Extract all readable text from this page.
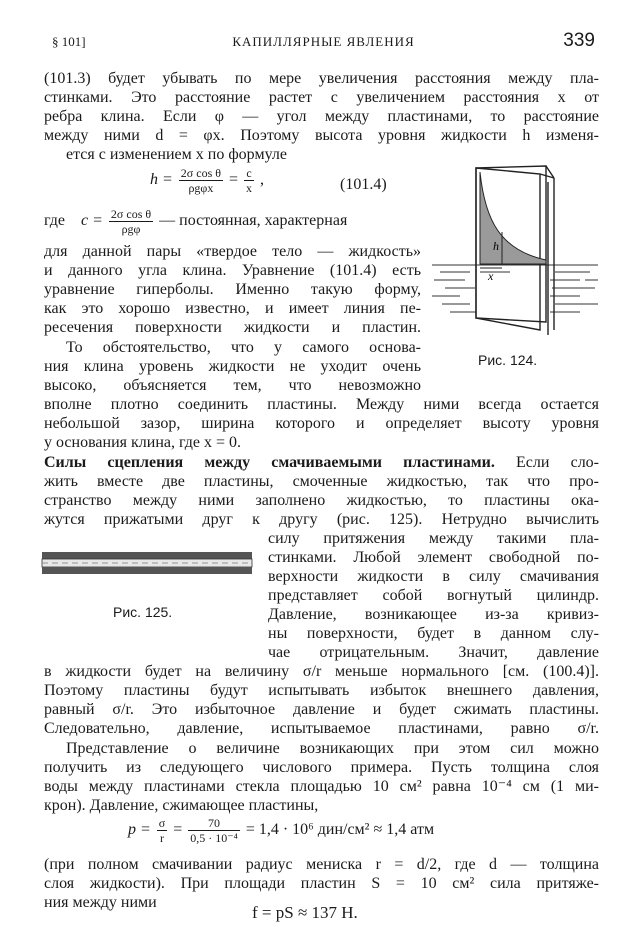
§ 101]	КАПИЛЛЯРНЫЕ ЯВЛЕНИЯ	339
(101.3) будет убывать по мере увеличения расстояния между пла-
стинками. Это расстояние растет с увеличением расстояния x от
ребра клина. Если φ — угол между пластинами, то расстояние
между ними d = φx. Поэтому высота уровня жидкости h изменя-
ется с изменением x по формуле
$h = \frac{\text{2σ cos θ}}{\text{ρgφx}} = \frac{c}{x}$ ,	(101.4)
где $c = \frac{\text{2σ cos θ}}{\text{ρgφ}}$ — постоянная, характерная
для данной пары «твердое тело — жидкость»
и данного угла клина. Уравнение (101.4) есть
уравнение гиперболы. Именно такую форму,
как это хорошо известно, и имеет линия пе-
ресечения поверхности жидкости и пластин.
То обстоятельство, что у самого основа-
ния клина уровень жидкости не уходит очень
высоко, объясняется тем, что невозможно
вполне плотно соединить пластины. Между ними всегда остается
небольшой зазор, ширина которого и определяет высоту уровня
у основания клина, где x = 0.
h
x
Рис. 124.
Силы сцепления между смачиваемыми пластинами. Если сло-
жить вместе две пластины, смоченные жидкостью, так что про-
странство между ними заполнено жидкостью, то пластины ока-
жутся прижатыми друг к другу (рис. 125). Нетрудно вычислить
Рис. 125.
силу притяжения между такими пла-
стинками. Любой элемент свободной по-
верхности жидкости в силу смачивания
представляет собой вогнутый цилиндр.
Давление, возникающее из-за кривиз-
ны поверхности, будет в данном слу-
чае отрицательным. Значит, давление
в жидкости будет на величину σ/r меньше нормального [см. (100.4)].
Поэтому пластины будут испытывать избыток внешнего давления,
равный σ/r. Это избыточное давление и будет сжимать пластины.
Следовательно, давление, испытываемое пластинами, равно σ/r.
Представление о величине возникающих при этом сил можно
получить из следующего числового примера. Пусть толщина слоя
воды между пластинами стекла площадью 10 см² равна 10⁻⁴ см (1 ми-
крон). Давление, сжимающее пластины,
$p = \frac{\sigma}{r} = \frac{70}{\text{0,5 · 10⁻⁴}} = 1,4 \cdot 10^6$ дин/см² ≈ 1,4 атм
(при полном смачивании радиус мениска r = d/2, где d — толщина
слоя жидкости). При площади пластин S = 10 см² сила притяже-
ния между ними
f = pS ≈ 137 Н.
